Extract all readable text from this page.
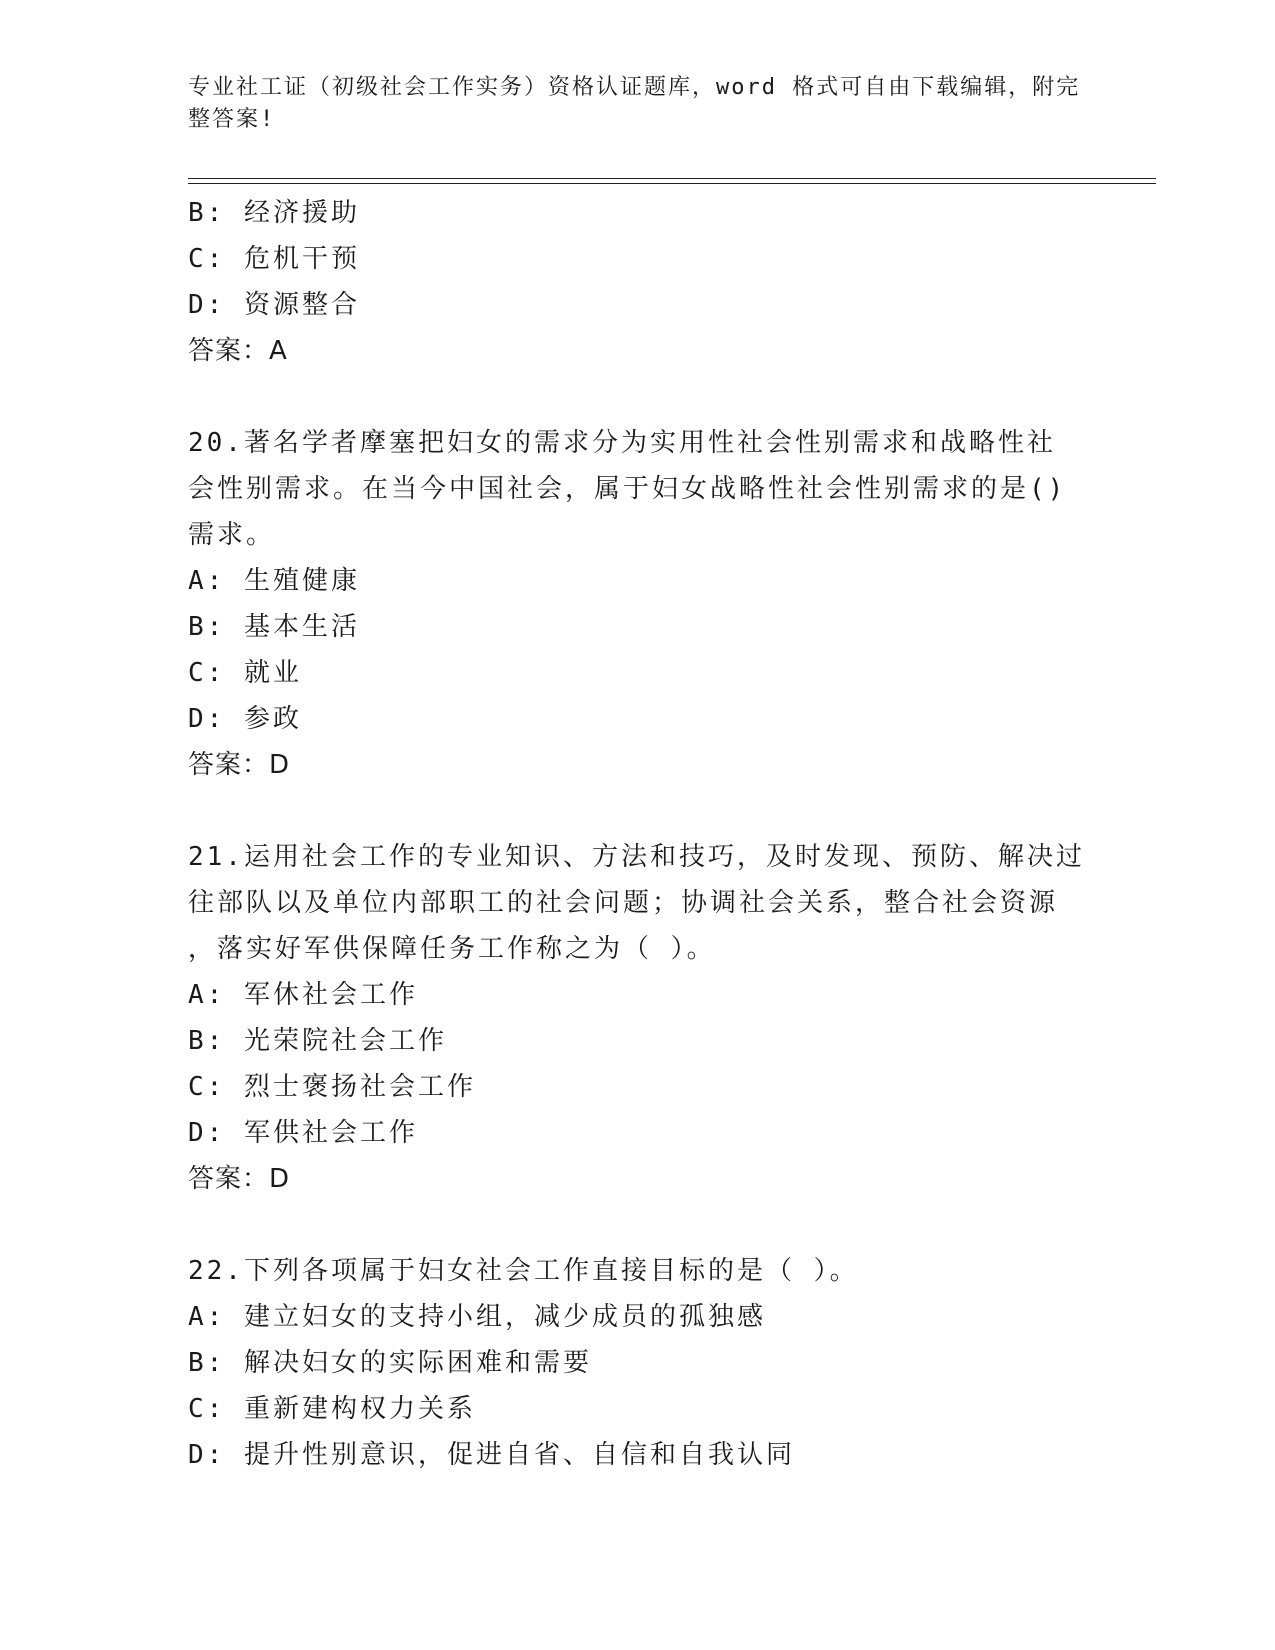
专业社工证（初级社会工作实务）资格认证题库，word 格式可自由下载编辑，附完整答案!
B: 经济援助
C: 危机干预
D: 资源整合
答案：A
20.著名学者摩塞把妇女的需求分为实用性社会性别需求和战略性社会性别需求。在当今中国社会，属于妇女战略性社会性别需求的是()需求。
A: 生殖健康
B: 基本生活
C: 就业
D: 参政
答案：D
21.运用社会工作的专业知识、方法和技巧，及时发现、预防、解决过
往部队以及单位内部职工的社会问题；协调社会关系，整合社会资源
，落实好军供保障任务工作称之为（ ）。
A: 军休社会工作
B: 光荣院社会工作
C: 烈士褒扬社会工作
D: 军供社会工作
答案：D
22.下列各项属于妇女社会工作直接目标的是（ ）。
A: 建立妇女的支持小组，减少成员的孤独感
B: 解决妇女的实际困难和需要
C: 重新建构权力关系
D: 提升性别意识，促进自省、自信和自我认同
